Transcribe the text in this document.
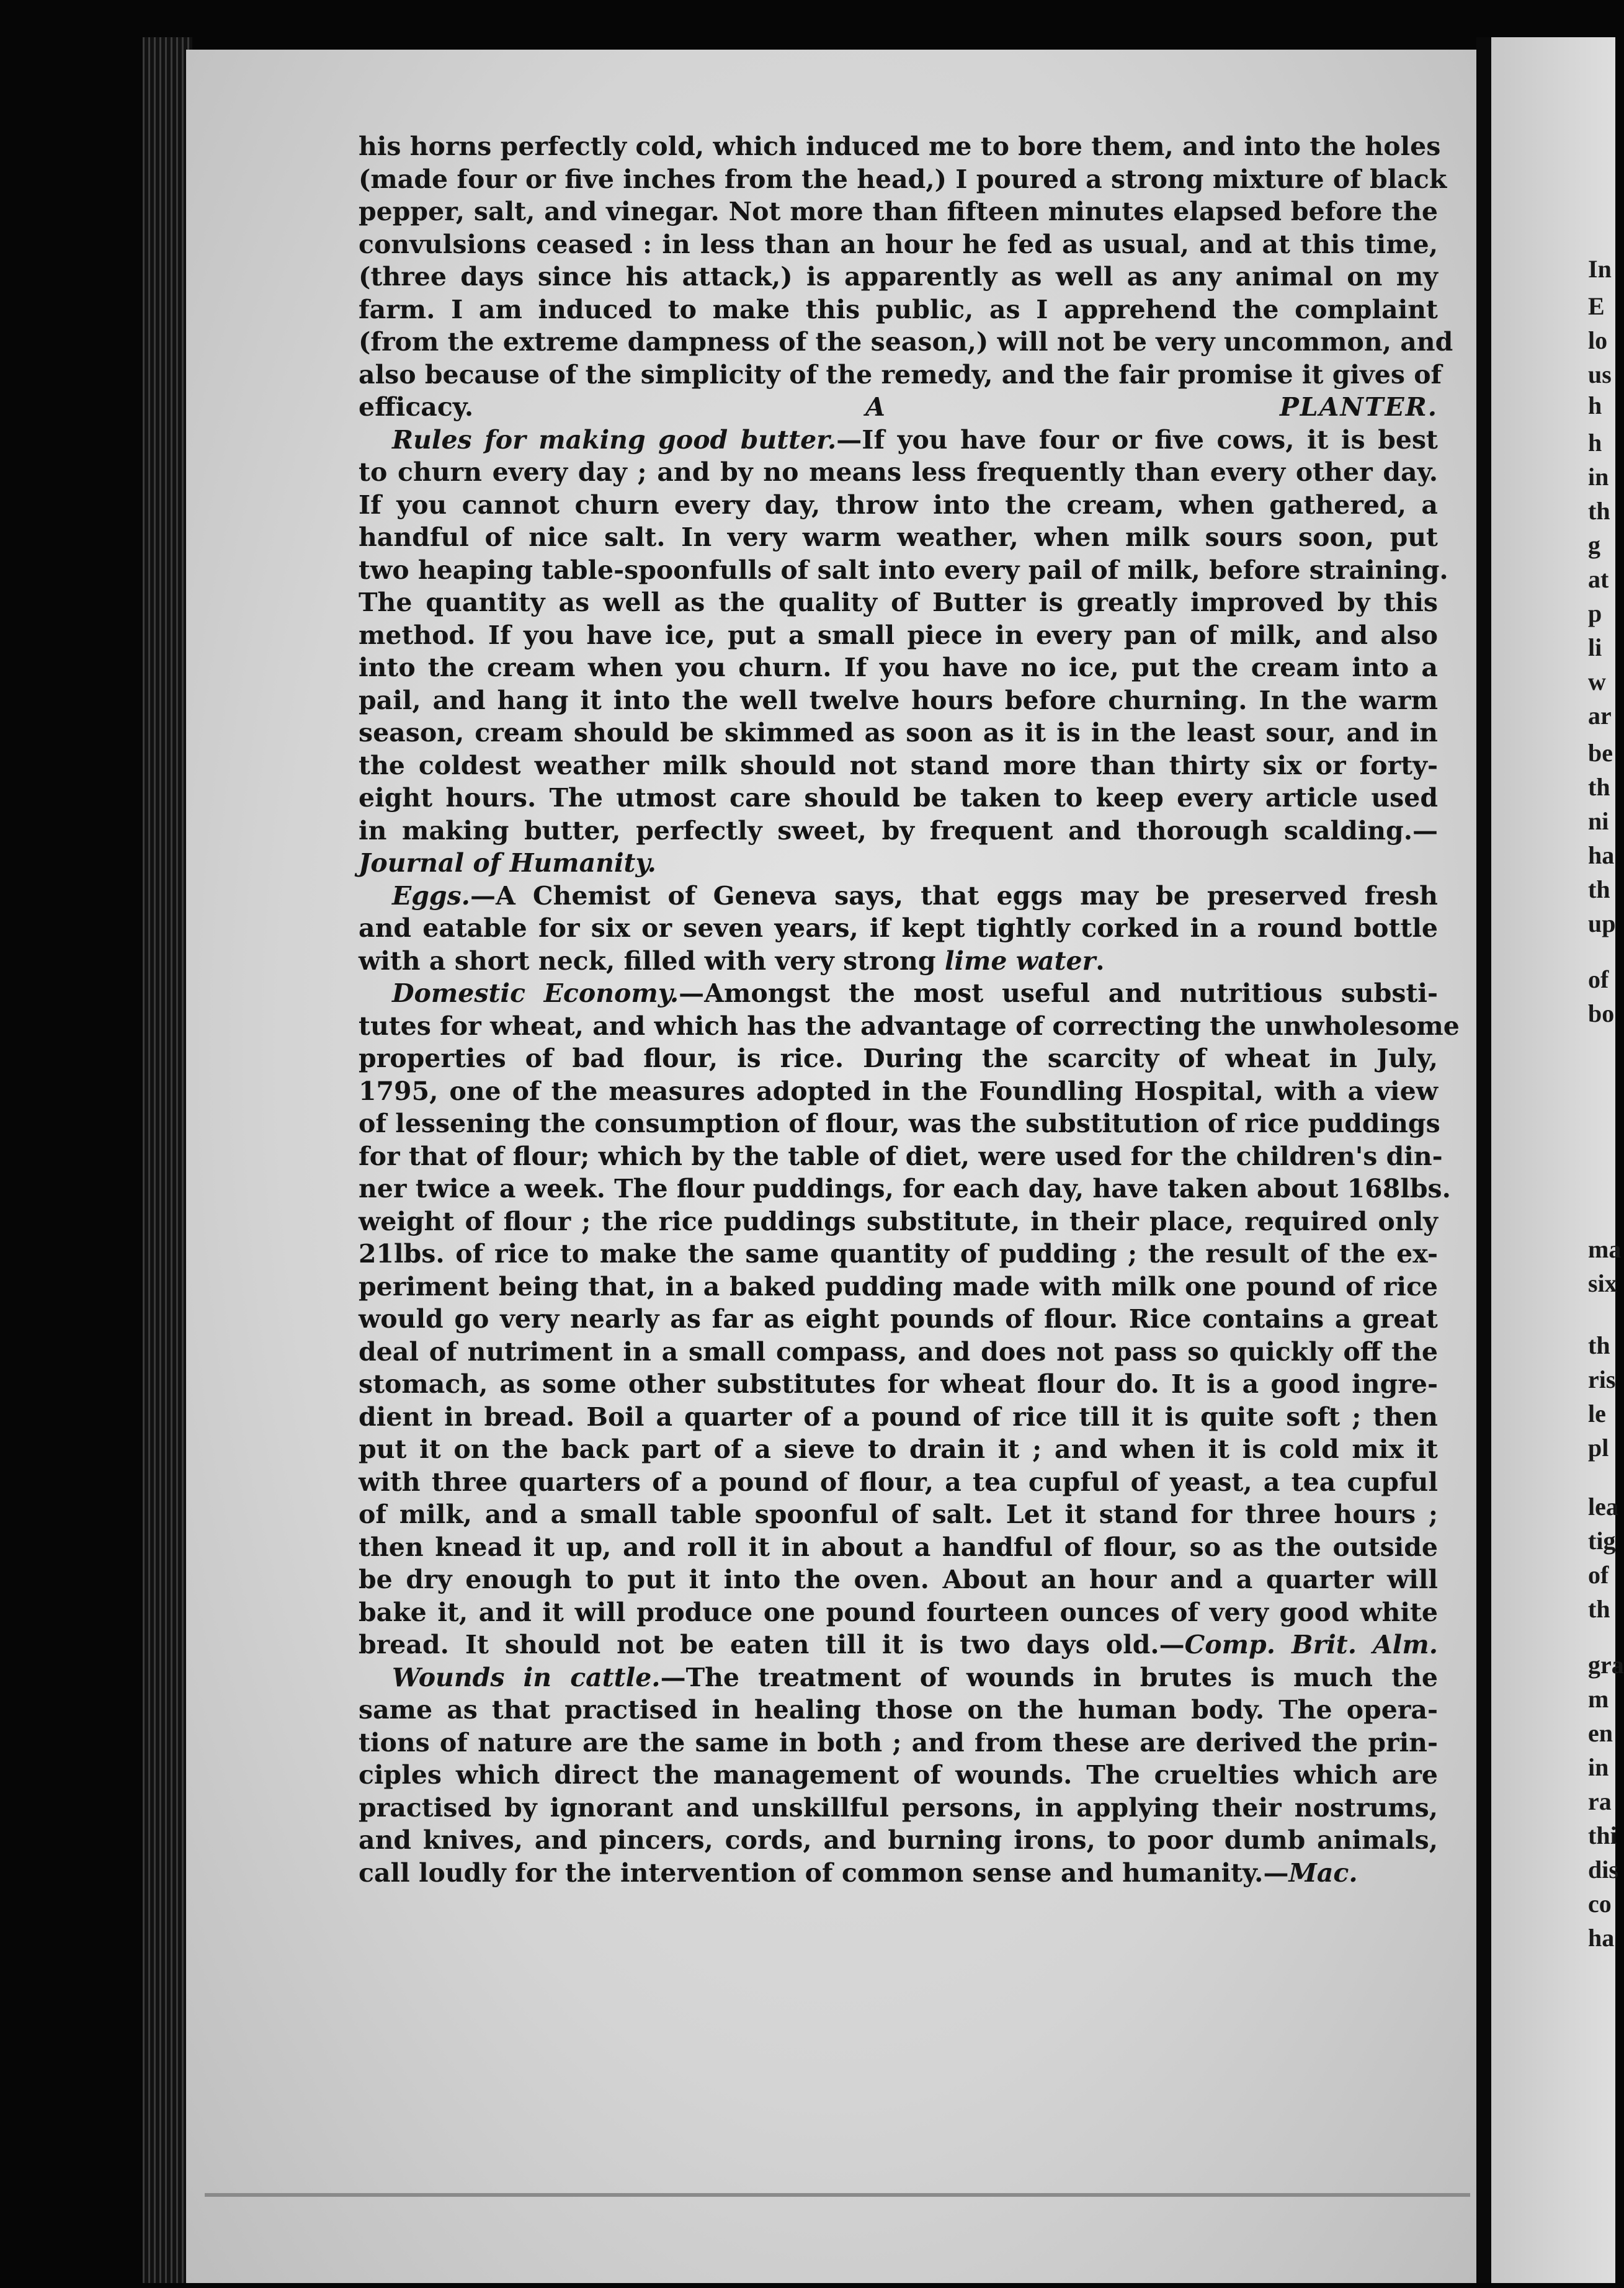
In
E
lo
us
h
h
in
th
g
at
p
li
w
ar
be
th
ni
ha
th
up
of
bo
ma
six
th
ris
le
pl
lea
tig
of
th
gra
m
en
in
ra
thi
dis
co
ha
his horns perfectly cold, which induced me to bore them, and into the holes
(made four or five inches from the head,) I poured a strong mixture of black
pepper, salt, and vinegar. Not more than fifteen minutes elapsed before the
convulsions ceased : in less than an hour he fed as usual, and at this time,
(three days since his attack,) is apparently as well as any animal on my
farm. I am induced to make this public, as I apprehend the complaint
(from the extreme dampness of the season,) will not be very uncommon, and
also because of the simplicity of the remedy, and the fair promise it gives of
efficacy.	A PLANTER.
Rules for making good butter.—If you have four or five cows, it is best
to churn every day ; and by no means less frequently than every other day.
If you cannot churn every day, throw into the cream, when gathered, a
handful of nice salt. In very warm weather, when milk sours soon, put
two heaping table-spoonfulls of salt into every pail of milk, before straining.
The quantity as well as the quality of Butter is greatly improved by this
method. If you have ice, put a small piece in every pan of milk, and also
into the cream when you churn. If you have no ice, put the cream into a
pail, and hang it into the well twelve hours before churning. In the warm
season, cream should be skimmed as soon as it is in the least sour, and in
the coldest weather milk should not stand more than thirty six or forty-
eight hours. The utmost care should be taken to keep every article used
in making butter, perfectly sweet, by frequent and thorough scalding.—
Journal of Humanity.
Eggs.—A Chemist of Geneva says, that eggs may be preserved fresh
and eatable for six or seven years, if kept tightly corked in a round bottle
with a short neck, filled with very strong lime water.
Domestic Economy.—Amongst the most useful and nutritious substi-
tutes for wheat, and which has the advantage of correcting the unwholesome
properties of bad flour, is rice. During the scarcity of wheat in July,
1795, one of the measures adopted in the Foundling Hospital, with a view
of lessening the consumption of flour, was the substitution of rice puddings
for that of flour; which by the table of diet, were used for the children's din-
ner twice a week. The flour puddings, for each day, have taken about 168lbs.
weight of flour ; the rice puddings substitute, in their place, required only
21lbs. of rice to make the same quantity of pudding ; the result of the ex-
periment being that, in a baked pudding made with milk one pound of rice
would go very nearly as far as eight pounds of flour. Rice contains a great
deal of nutriment in a small compass, and does not pass so quickly off the
stomach, as some other substitutes for wheat flour do. It is a good ingre-
dient in bread. Boil a quarter of a pound of rice till it is quite soft ; then
put it on the back part of a sieve to drain it ; and when it is cold mix it
with three quarters of a pound of flour, a tea cupful of yeast, a tea cupful
of milk, and a small table spoonful of salt. Let it stand for three hours ;
then knead it up, and roll it in about a handful of flour, so as the outside
be dry enough to put it into the oven. About an hour and a quarter will
bake it, and it will produce one pound fourteen ounces of very good white
bread. It should not be eaten till it is two days old.—Comp. Brit. Alm.
Wounds in cattle.—The treatment of wounds in brutes is much the
same as that practised in healing those on the human body. The opera-
tions of nature are the same in both ; and from these are derived the prin-
ciples which direct the management of wounds. The cruelties which are
practised by ignorant and unskillful persons, in applying their nostrums,
and knives, and pincers, cords, and burning irons, to poor dumb animals,
call loudly for the intervention of common sense and humanity.—Mac.
